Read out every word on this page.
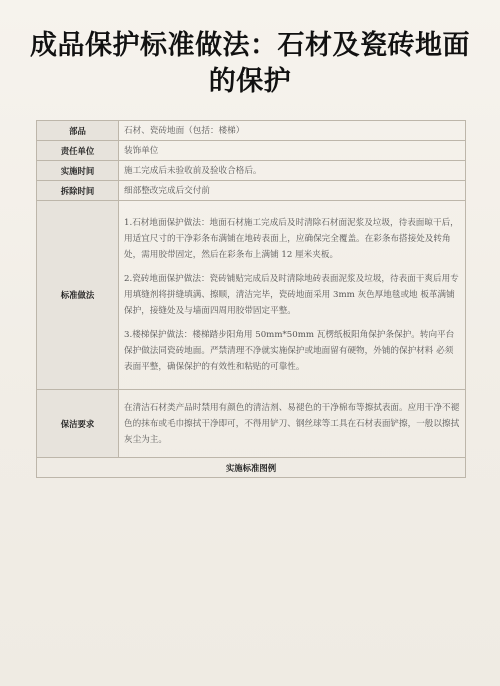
成品保护标准做法：石材及瓷砖地面
的保护
部品	石材、瓷砖地面（包括：楼梯）
责任单位	装饰单位
实施时间	施工完成后未验收前及验收合格后。
拆除时间	细部整改完成后交付前
标准做法	1.石材地面保护做法：地面石材施工完成后及时清除石材面泥浆及垃圾，待表面晾干后，用适宜尺寸的干净彩条布满铺在地砖表面上，应确保完全覆盖。在彩条布搭接处及转角处，需用胶带固定，然后在彩条布上满铺 12 厘米夹板。

2.瓷砖地面保护做法：瓷砖铺贴完成后及时清除地砖表面泥浆及垃圾，待表面干爽后用专用填缝剂将拼缝填满、擦顺，清洁完毕，瓷砖地面采用 3mm 灰色厚地毯或地 板革满铺保护，接缝处及与墙面四周用胶带固定平整。

3.楼梯保护做法：楼梯踏步阳角用 50mm*50mm 瓦楞纸板阳角保护条保护。转向平台 保护做法同瓷砖地面。严禁清理不净就实施保护或地面留有硬物，外铺的保护材料 必须表面平整，确保保护的有效性和粘贴的可靠性。

保洁要求	在清洁石材类产品时禁用有颜色的清洁剂、易褪色的干净棉布等擦拭表面。应用干净不褪色的抹布或毛巾擦拭干净即可，不得用铲刀、钢丝球等工具在石材表面铲擦，一般以擦拭灰尘为主。
实施标准图例	
